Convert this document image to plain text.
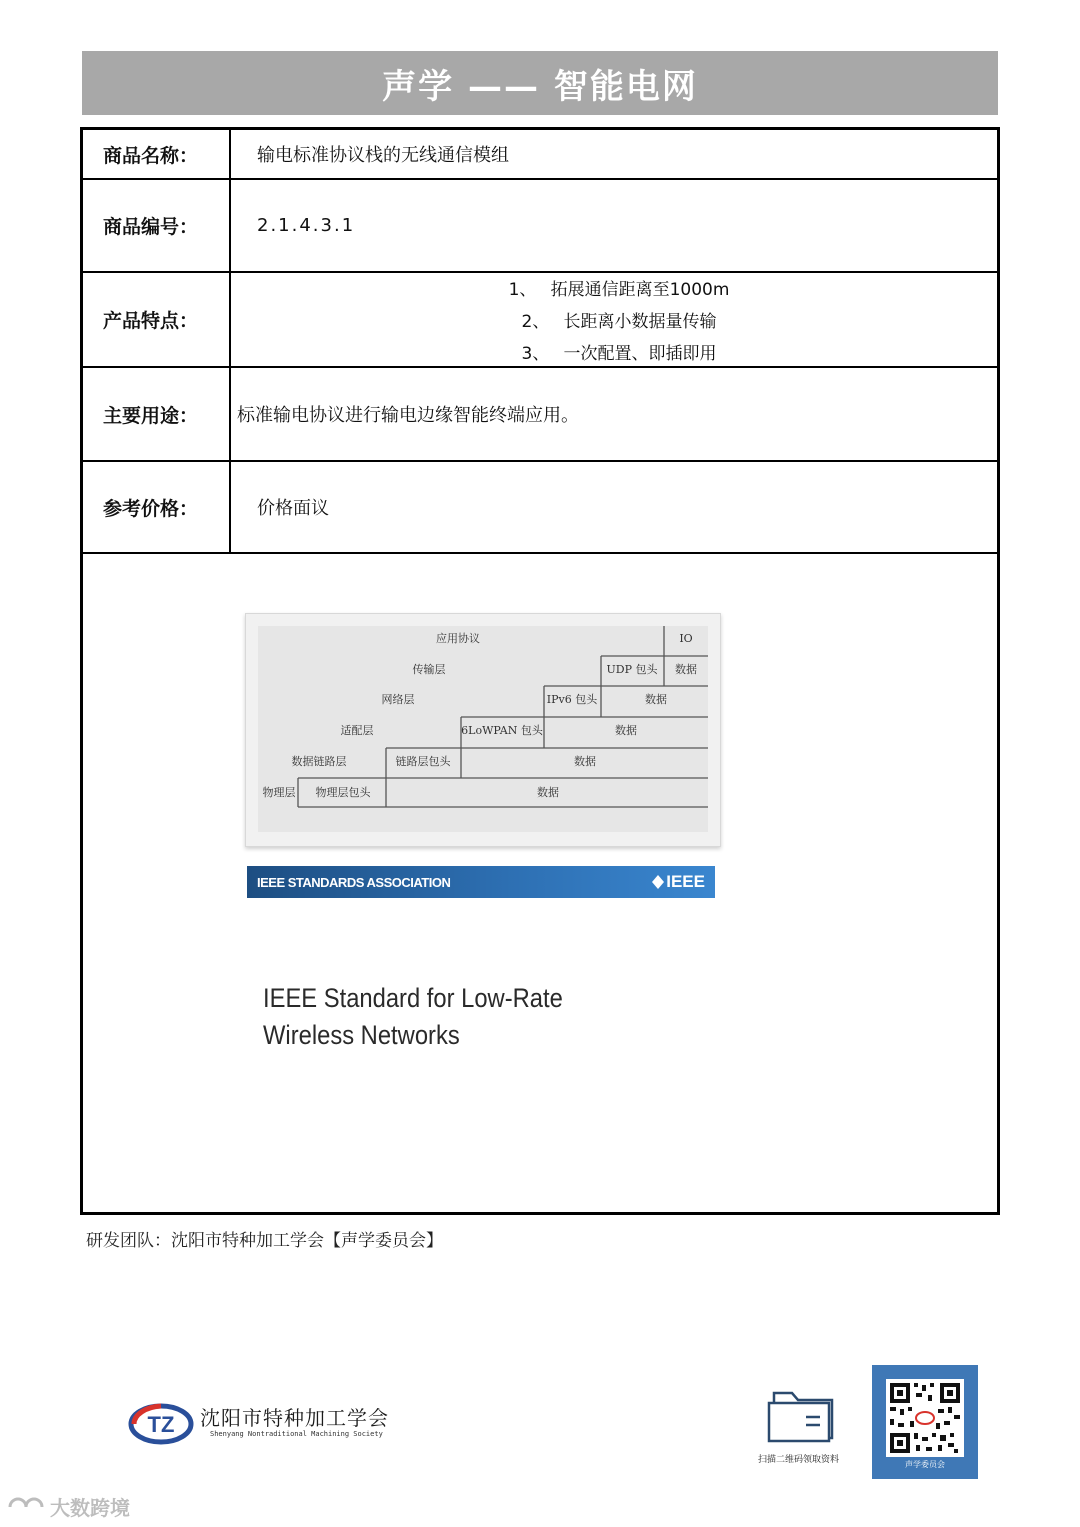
声学 —— 智能电网
商品名称：	输电标准协议栈的无线通信模组
商品编号：	2.1.4.3.1
产品特点：
1、 拓展通信距离至1000m
2、 长距离小数据量传输
3、 一次配置、即插即用
主要用途：	标准输电协议进行输电边缘智能终端应用。
参考价格：	价格面议
应用协议	IO
传输层	UDP 包头 数据
网络层	IPv6 包头	数据
适配层	6LoWPAN 包头	数据
数据链路层	链路层包头	数据
物理层 物理层包头	数据
IEEE STANDARDS ASSOCIATION	IEEE
IEEE Standard for Low-Rate
Wireless Networks
研发团队：沈阳市特种加工学会【声学委员会】
TZ 沈阳市特种加工学会
Shenyang Nontraditional Machining Society
扫描二维码领取资料	声学委员会
大数跨境
